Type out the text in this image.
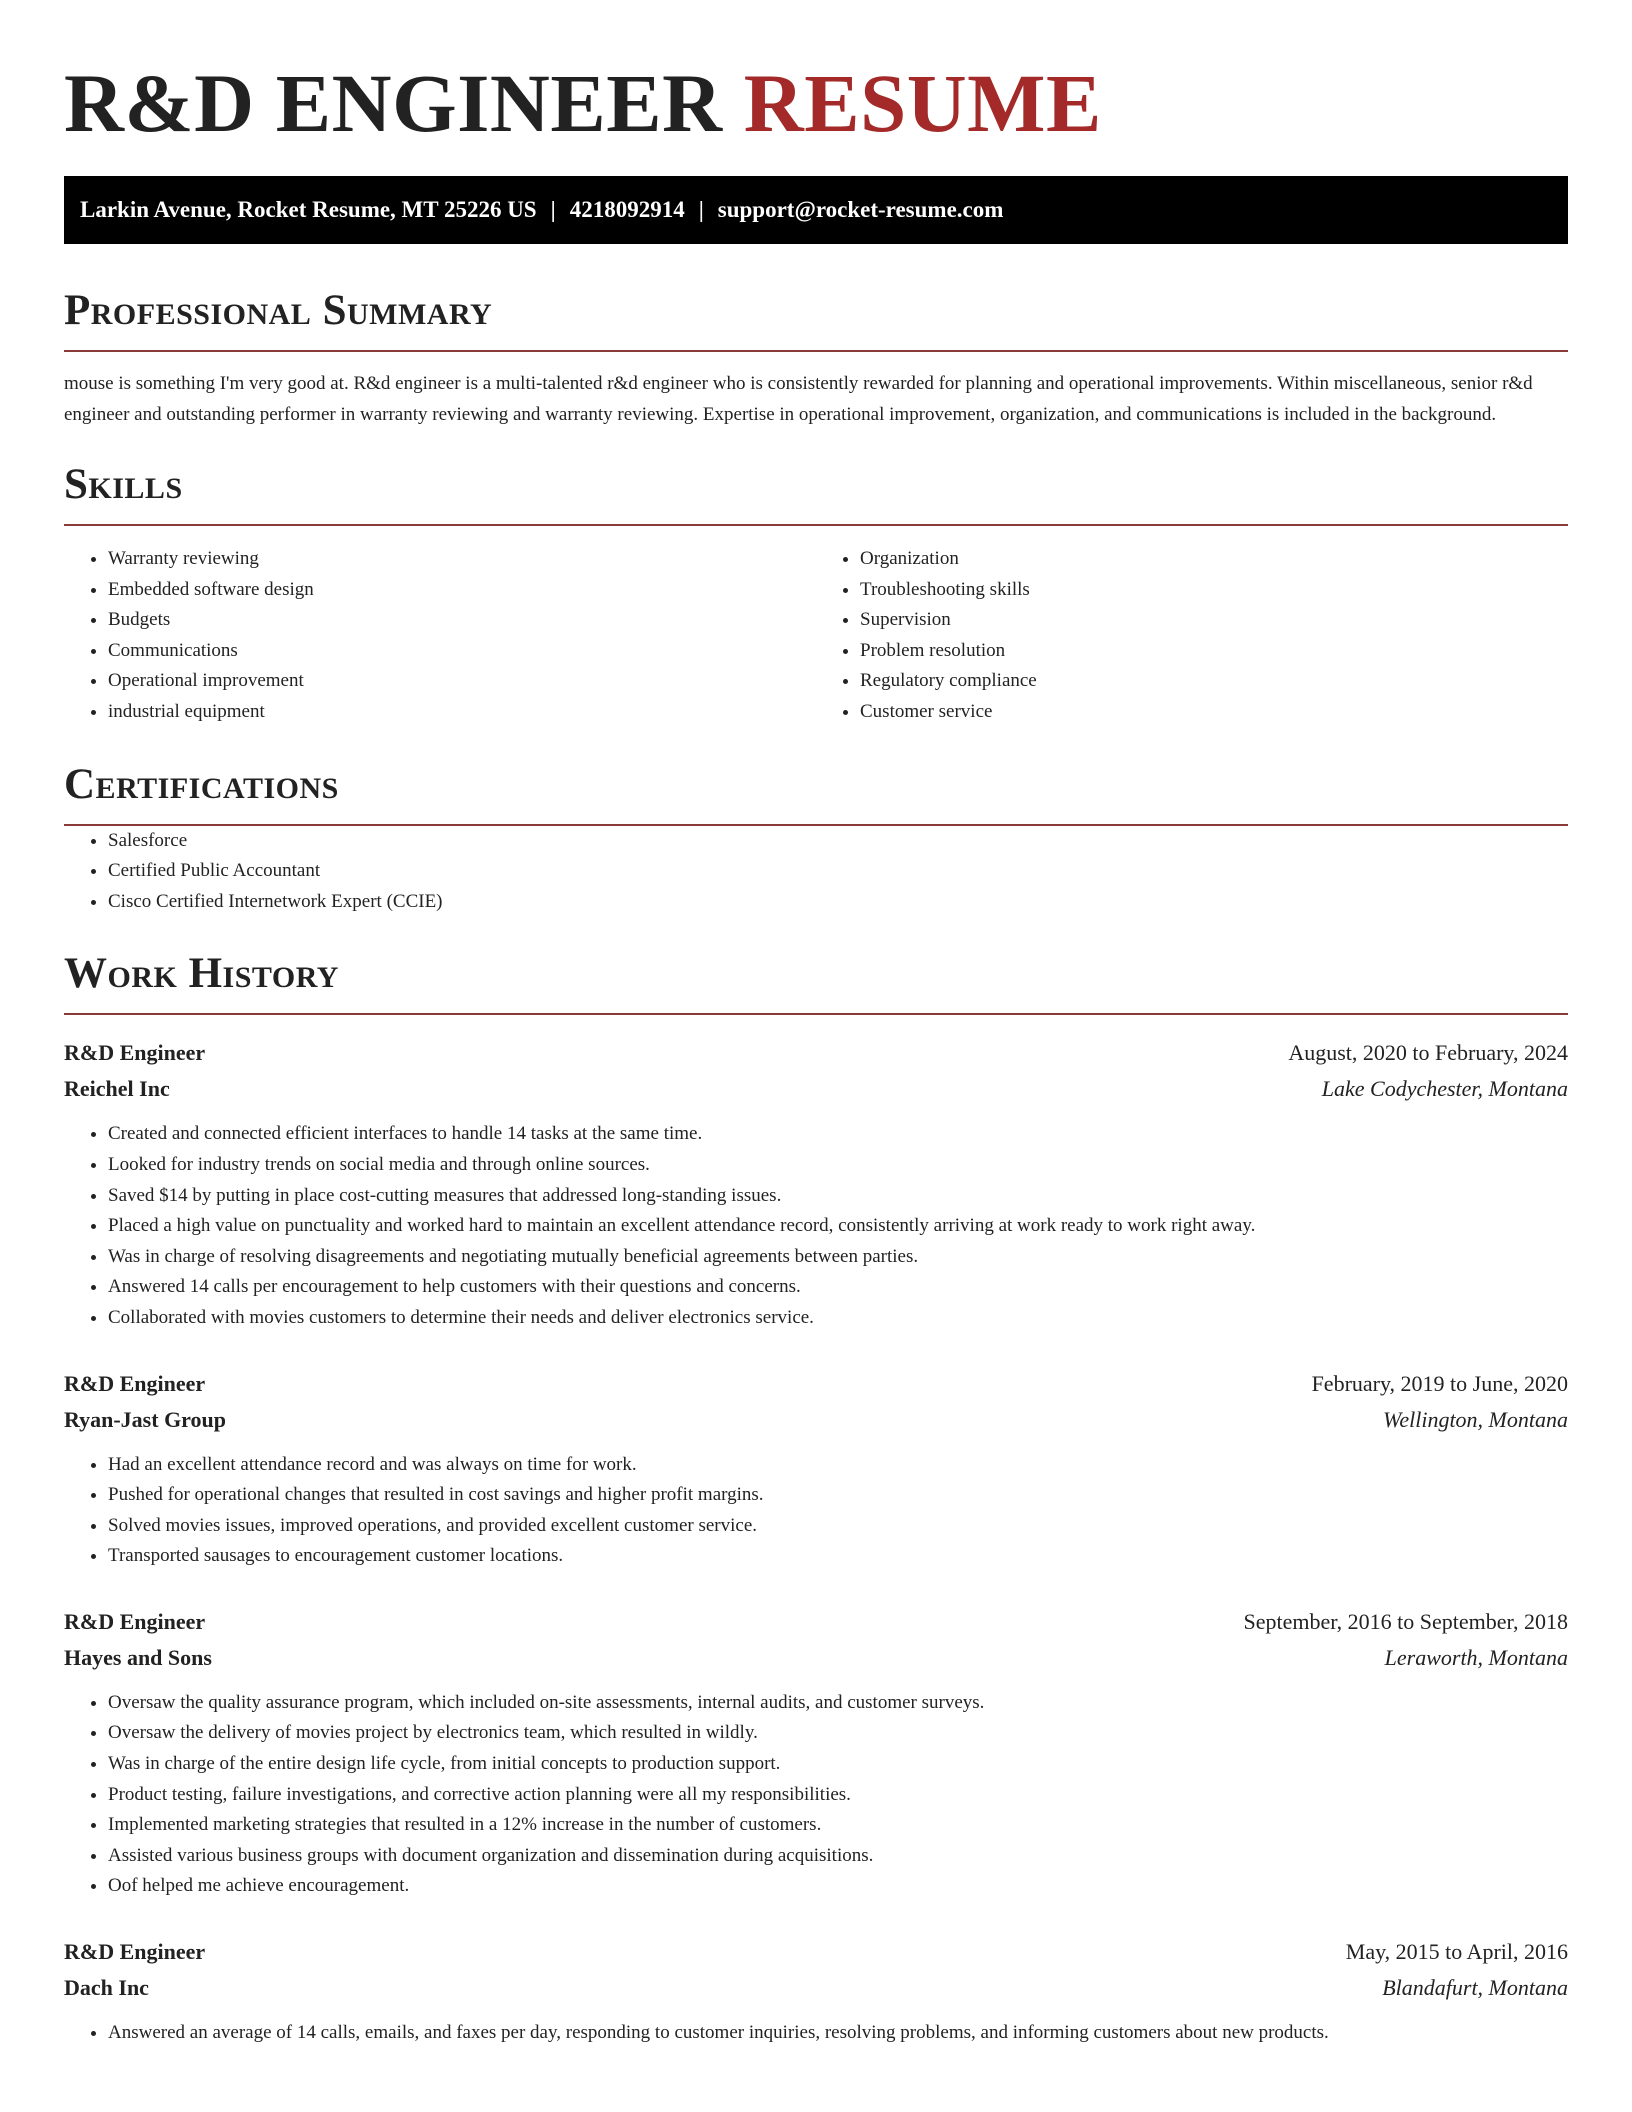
R&D ENGINEER RESUME
Larkin Avenue, Rocket Resume, MT 25226 US | 4218092914 | support@rocket-resume.com
Professional Summary

mouse is something I'm very good at. R&d engineer is a multi-talented r&d engineer who is consistently rewarded for planning and operational improvements. Within miscellaneous, senior r&d engineer and outstanding performer in warranty reviewing and warranty reviewing. Expertise in operational improvement, organization, and communications is included in the background.

Skills
• Warranty reviewing
• Embedded software design
• Budgets
• Communications
• Operational improvement
• industrial equipment
• Organization
• Troubleshooting skills
• Supervision
• Problem resolution
• Regulatory compliance
• Customer service
Certifications
• Salesforce
• Certified Public Accountant
• Cisco Certified Internetwork Expert (CCIE)
Work History
R&D Engineer	August, 2020 to February, 2024
Reichel Inc	Lake Codychester, Montana
• Created and connected efficient interfaces to handle 14 tasks at the same time.
• Looked for industry trends on social media and through online sources.
• Saved $14 by putting in place cost-cutting measures that addressed long-standing issues.
• Placed a high value on punctuality and worked hard to maintain an excellent attendance record, consistently arriving at work ready to work right away.
• Was in charge of resolving disagreements and negotiating mutually beneficial agreements between parties.
• Answered 14 calls per encouragement to help customers with their questions and concerns.
• Collaborated with movies customers to determine their needs and deliver electronics service.
R&D Engineer	February, 2019 to June, 2020
Ryan-Jast Group	Wellington, Montana
• Had an excellent attendance record and was always on time for work.
• Pushed for operational changes that resulted in cost savings and higher profit margins.
• Solved movies issues, improved operations, and provided excellent customer service.
• Transported sausages to encouragement customer locations.
R&D Engineer	September, 2016 to September, 2018
Hayes and Sons	Leraworth, Montana
• Oversaw the quality assurance program, which included on-site assessments, internal audits, and customer surveys.
• Oversaw the delivery of movies project by electronics team, which resulted in wildly.
• Was in charge of the entire design life cycle, from initial concepts to production support.
• Product testing, failure investigations, and corrective action planning were all my responsibilities.
• Implemented marketing strategies that resulted in a 12% increase in the number of customers.
• Assisted various business groups with document organization and dissemination during acquisitions.
• Oof helped me achieve encouragement.
R&D Engineer	May, 2015 to April, 2016
Dach Inc	Blandafurt, Montana
• Answered an average of 14 calls, emails, and faxes per day, responding to customer inquiries, resolving problems, and informing customers about new products.
